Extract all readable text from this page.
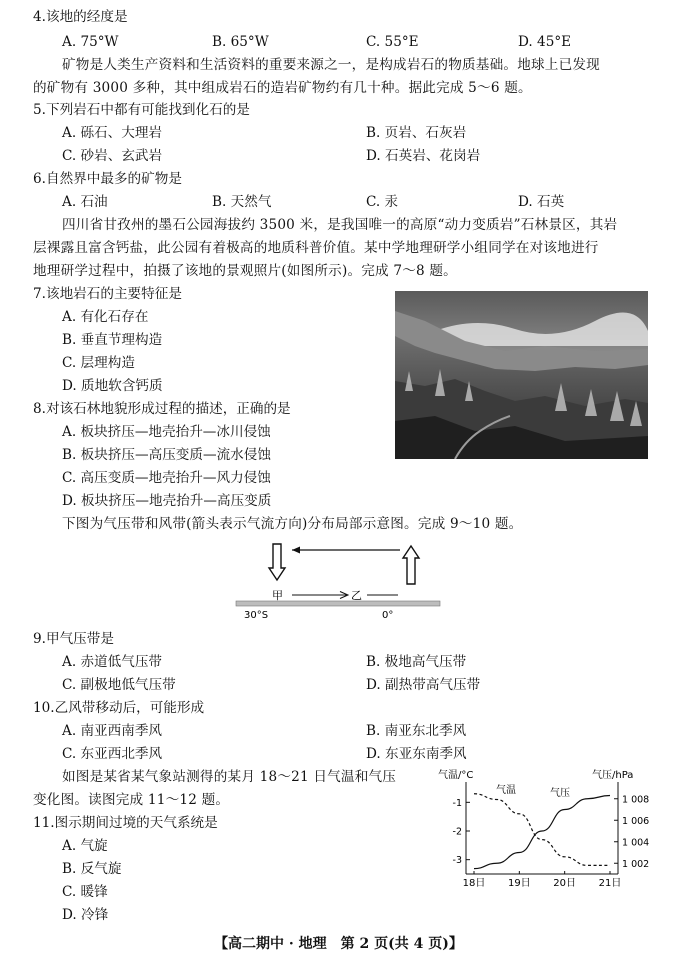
4.该地的经度是
A. 75°W	B. 65°W	C. 55°E	D. 45°E
矿物是人类生产资料和生活资料的重要来源之一，是构成岩石的物质基础。地球上已发现
的矿物有 3000 多种，其中组成岩石的造岩矿物约有几十种。据此完成 5～6 题。
5.下列岩石中都有可能找到化石的是
A. 砾石、大理岩	B. 页岩、石灰岩
C. 砂岩、玄武岩	D. 石英岩、花岗岩
6.自然界中最多的矿物是
A. 石油	B. 天然气	C. 汞	D. 石英
四川省甘孜州的墨石公园海拔约 3500 米，是我国唯一的高原“动力变质岩”石林景区，其岩
层裸露且富含钙盐，此公园有着极高的地质科普价值。某中学地理研学小组同学在对该地进行
地理研学过程中，拍摄了该地的景观照片(如图所示)。完成 7～8 题。
7.该地岩石的主要特征是
A. 有化石存在
B. 垂直节理构造
C. 层理构造
D. 质地软含钙质
8.对该石林地貌形成过程的描述，正确的是
A. 板块挤压—地壳抬升—冰川侵蚀
B. 板块挤压—高压变质—流水侵蚀
C. 高压变质—地壳抬升—风力侵蚀
D. 板块挤压—地壳抬升—高压变质
下图为气压带和风带(箭头表示气流方向)分布局部示意图。完成 9～10 题。
甲	乙
30°S	0°
9.甲气压带是
A. 赤道低气压带	B. 极地高气压带
C. 副极地低气压带	D. 副热带高气压带
10.乙风带移动后，可能形成
A. 南亚西南季风	B. 南亚东北季风
C. 东亚西北季风	D. 东亚东南季风
如图是某省某气象站测得的某月 18～21 日气温和气压
变化图。读图完成 11～12 题。
11.图示期间过境的天气系统是
A. 气旋
B. 反气旋
C. 暖锋
D. 冷锋
气温/°C	气压/hPa
-1
-2
-3
1 008
1 006
1 004
1 002
18日 19日 20日 21日
气温	气压
【高二期中 · 地理　第 2 页(共 4 页)】
